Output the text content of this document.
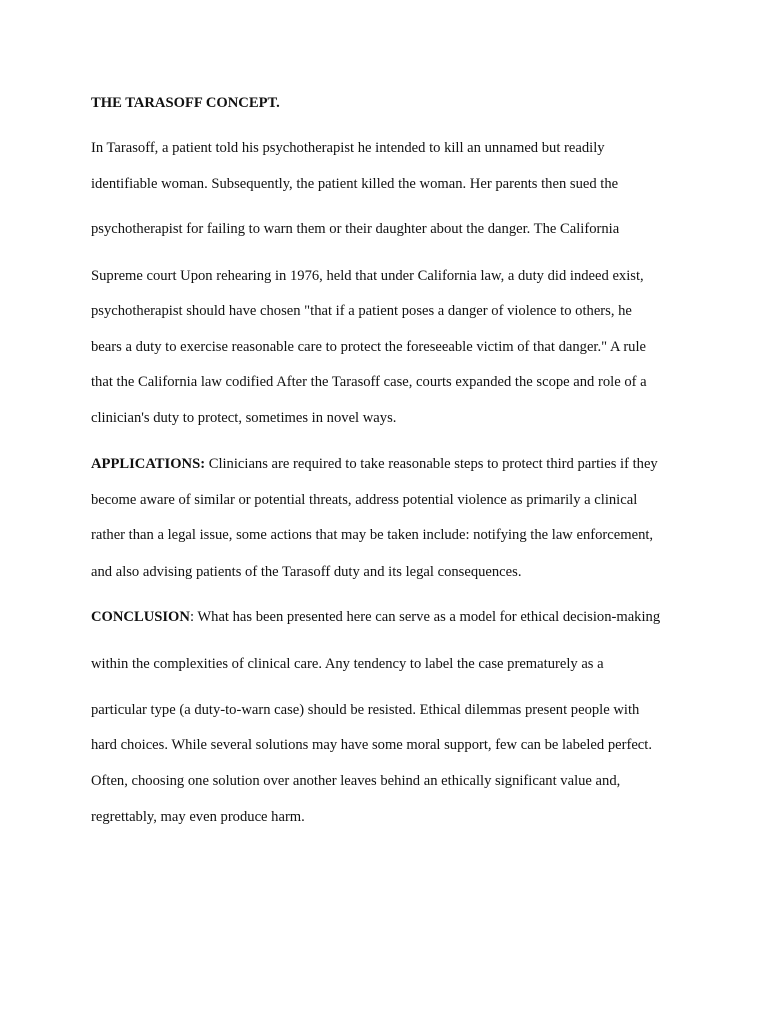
THE TARASOFF CONCEPT.
In Tarasoff, a patient told his psychotherapist he intended to kill an unnamed but readily
identifiable woman. Subsequently, the patient killed the woman. Her parents then sued the
psychotherapist for failing to warn them or their daughter about the danger. The California
Supreme court Upon rehearing in 1976, held that under California law, a duty did indeed exist,
psychotherapist should have chosen "that if a patient poses a danger of violence to others, he
bears a duty to exercise reasonable care to protect the foreseeable victim of that danger." A rule
that the California law codified After the Tarasoff case, courts expanded the scope and role of a
clinician's duty to protect, sometimes in novel ways.
APPLICATIONS: Clinicians are required to take reasonable steps to protect third parties if they
become aware of similar or potential threats, address potential violence as primarily a clinical
rather than a legal issue, some actions that may be taken include: notifying the law enforcement,
and also advising patients of the Tarasoff duty and its legal consequences.
CONCLUSION: What has been presented here can serve as a model for ethical decision-making
within the complexities of clinical care. Any tendency to label the case prematurely as a
particular type (a duty-to-warn case) should be resisted. Ethical dilemmas present people with
hard choices. While several solutions may have some moral support, few can be labeled perfect.
Often, choosing one solution over another leaves behind an ethically significant value and,
regrettably, may even produce harm.
